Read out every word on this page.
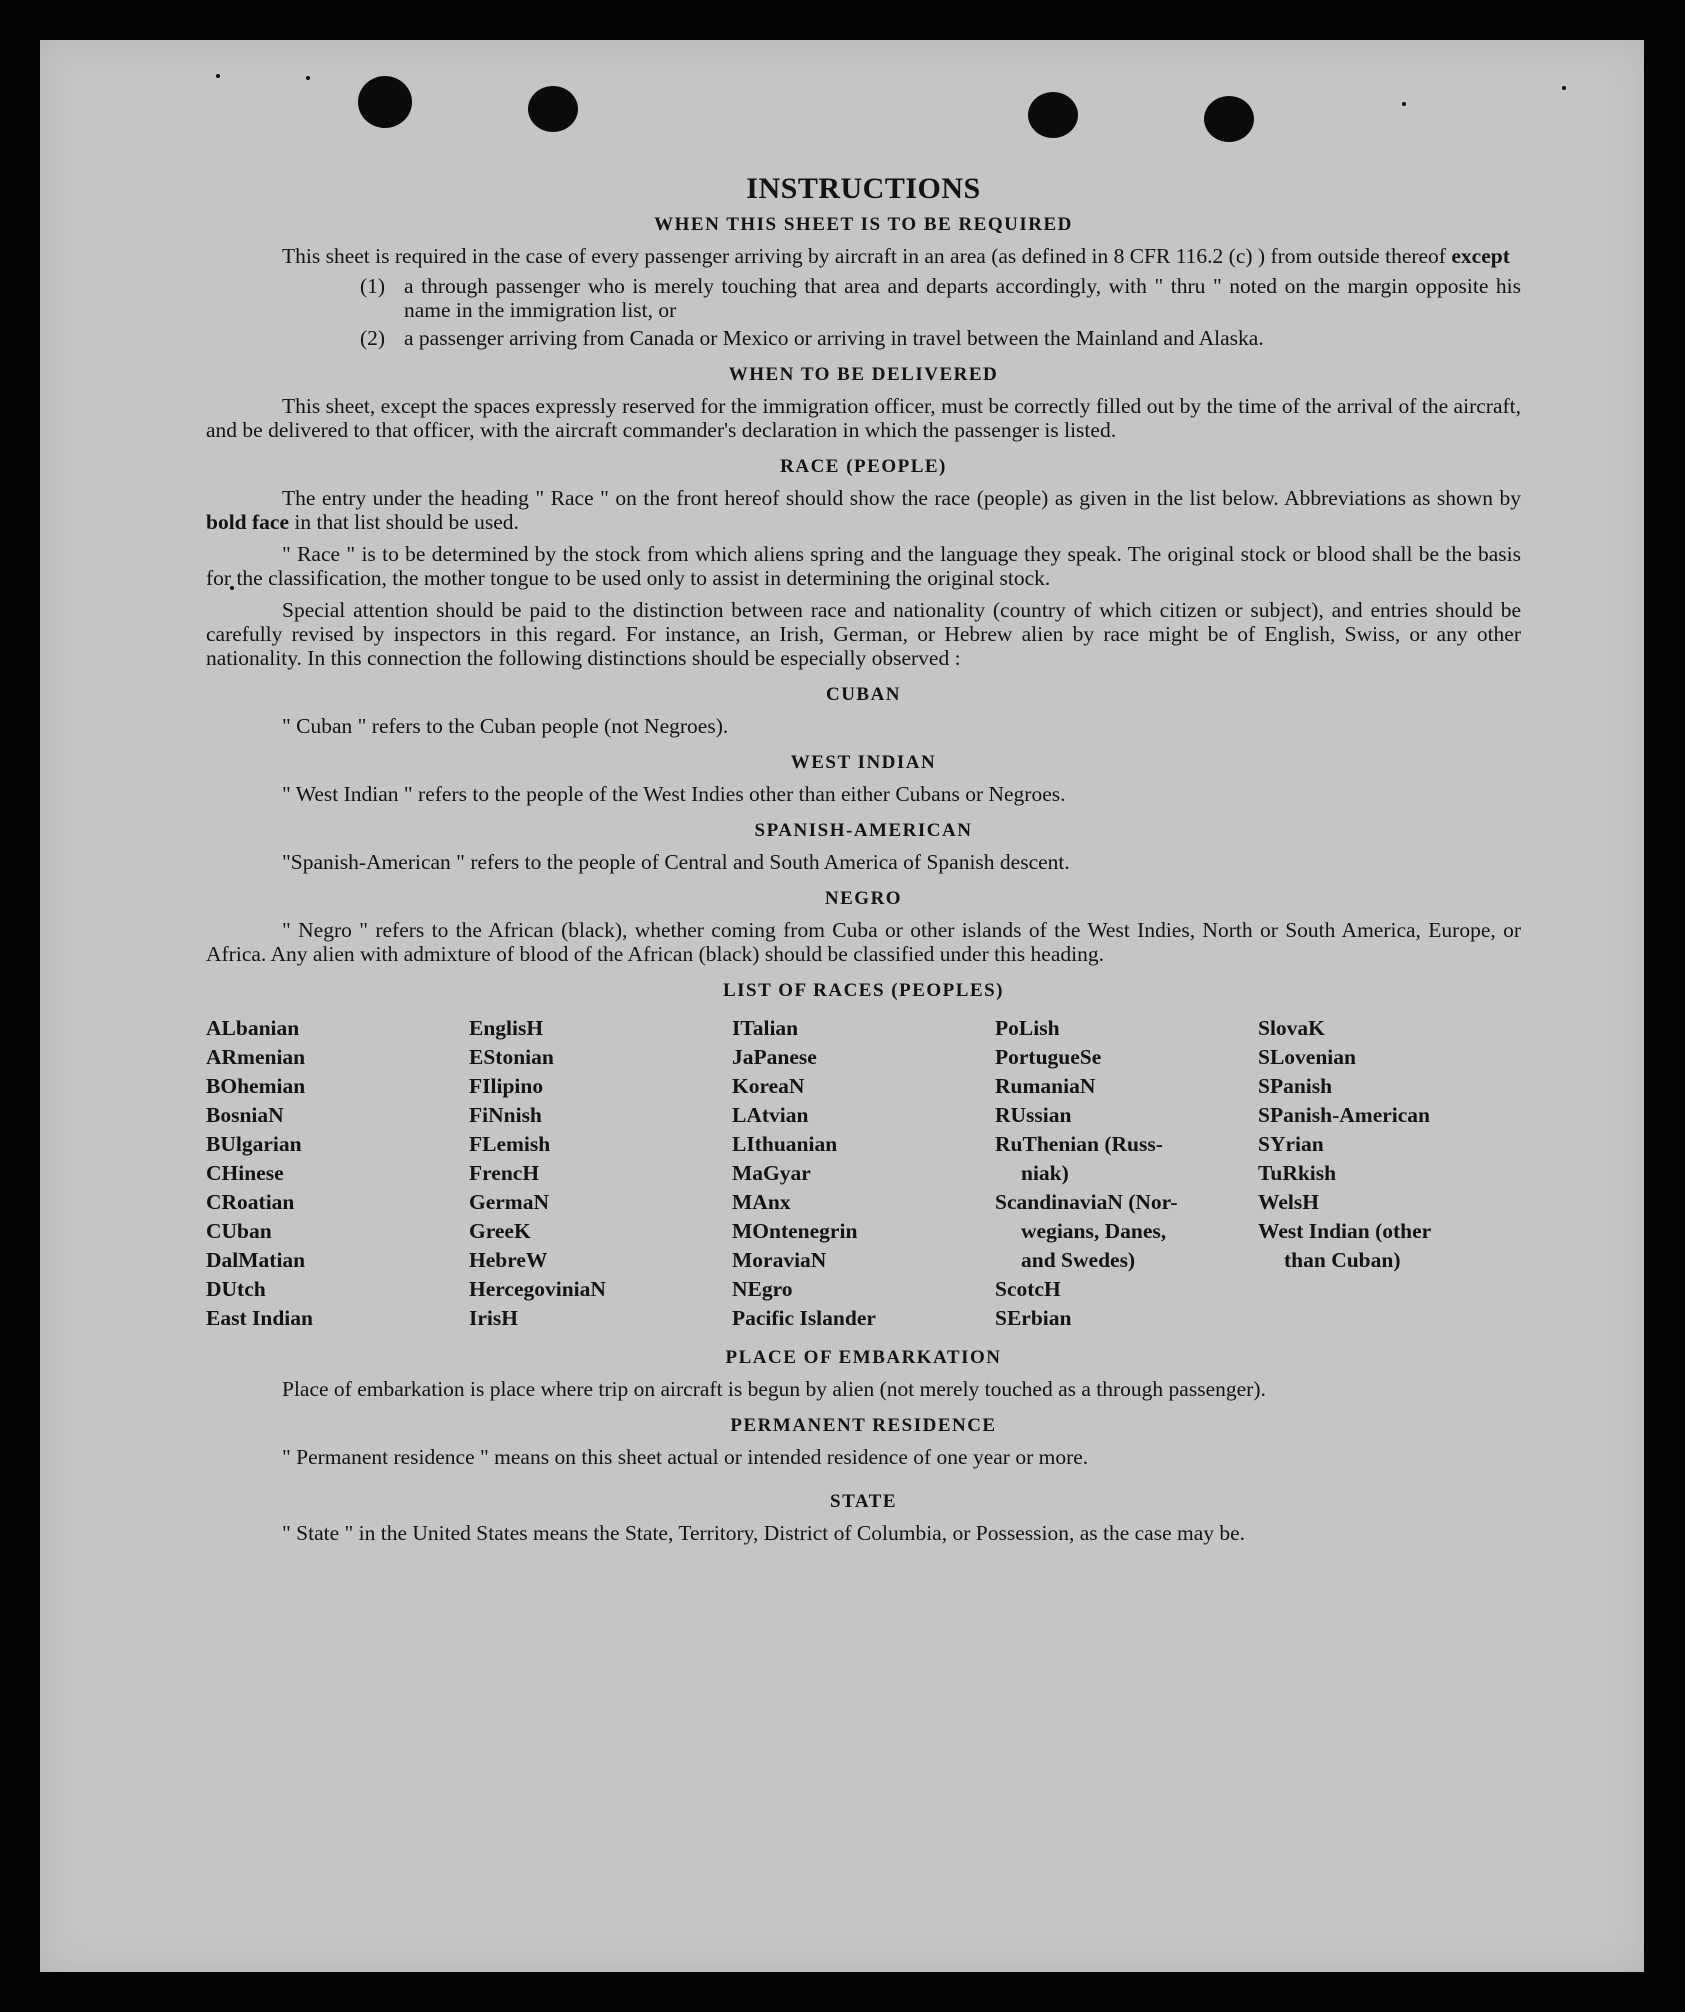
INSTRUCTIONS
WHEN THIS SHEET IS TO BE REQUIRED

This sheet is required in the case of every passenger arriving by aircraft in an area (as defined in 8 CFR 116.2 (c) ) from outside thereof except

(1) a through passenger who is merely touching that area and departs accordingly, with " thru " noted on the margin opposite his name in the immigration list, or
(2) a passenger arriving from Canada or Mexico or arriving in travel between the Mainland and Alaska.
WHEN TO BE DELIVERED

This sheet, except the spaces expressly reserved for the immigration officer, must be correctly filled out by the time of the arrival of the aircraft, and be delivered to that officer, with the aircraft commander's declaration in which the passenger is listed.

RACE (PEOPLE)

The entry under the heading " Race " on the front hereof should show the race (people) as given in the list below. Abbreviations as shown by bold face in that list should be used.

" Race " is to be determined by the stock from which aliens spring and the language they speak. The original stock or blood shall be the basis for the classification, the mother tongue to be used only to assist in determining the original stock.

Special attention should be paid to the distinction between race and nationality (country of which citizen or subject), and entries should be carefully revised by inspectors in this regard. For instance, an Irish, German, or Hebrew alien by race might be of English, Swiss, or any other nationality. In this connection the following distinctions should be especially observed :

CUBAN

" Cuban " refers to the Cuban people (not Negroes).

WEST INDIAN

" West Indian " refers to the people of the West Indies other than either Cubans or Negroes.

SPANISH-AMERICAN

"Spanish-American " refers to the people of Central and South America of Spanish descent.

NEGRO

" Negro " refers to the African (black), whether coming from Cuba or other islands of the West Indies, North or South America, Europe, or Africa. Any alien with admixture of blood of the African (black) should be classified under this heading.

LIST OF RACES (PEOPLES)
ALbanian
ARmenian
BOhemian
BosniaN
BUlgarian
CHinese
CRoatian
CUban
DalMatian
DUtch
East Indian
EnglisH
EStonian
FIlipino
FiNnish
FLemish
FrencH
GermaN
GreeK
HebreW
HercegoviniaN
IrisH
ITalian
JaPanese
KoreaN
LAtvian
LIthuanian
MaGyar
MAnx
MOntenegrin
MoraviaN
NEgro
Pacific Islander
PoLish
PortugueSe
RumaniaN
RUssian
RuThenian (Russ-
niak)
ScandinaviaN (Nor-
wegians, Danes,
and Swedes)
ScotcH
SErbian
SlovaK
SLovenian
SPanish
SPanish-American
SYrian
TuRkish
WelsH
West Indian (other
than Cuban)
PLACE OF EMBARKATION

Place of embarkation is place where trip on aircraft is begun by alien (not merely touched as a through passenger).

PERMANENT RESIDENCE

" Permanent residence " means on this sheet actual or intended residence of one year or more.

STATE

" State " in the United States means the State, Territory, District of Columbia, or Possession, as the case may be.
